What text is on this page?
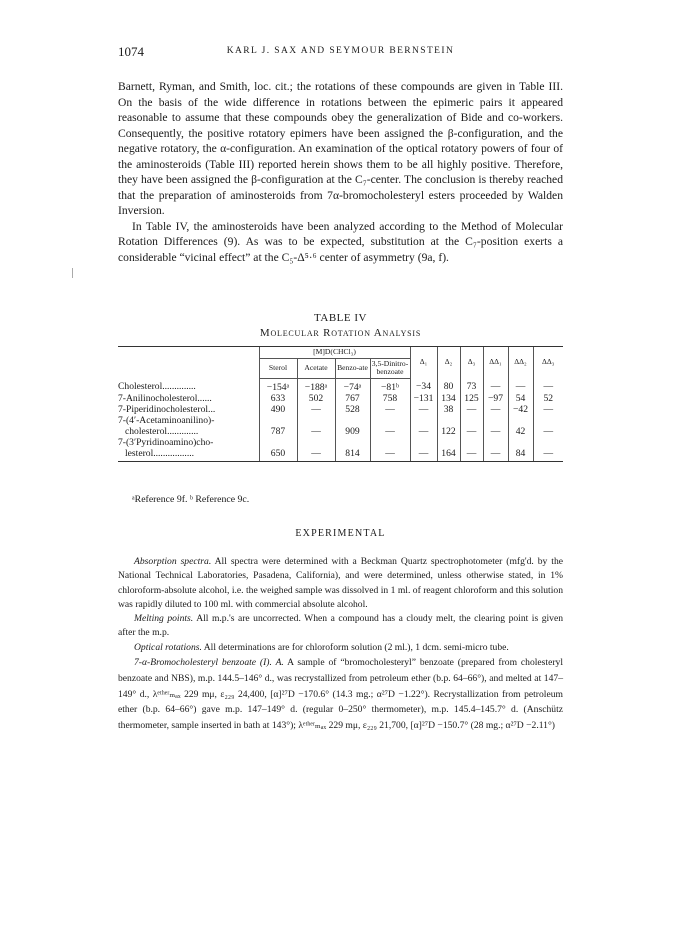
1074	KARL J. SAX AND SEYMOUR BERNSTEIN

Barnett, Ryman, and Smith, loc. cit.; the rotations of these compounds are given in Table III. On the basis of the wide difference in rotations between the epimeric pairs it appeared reasonable to assume that these compounds obey the generalization of Bide and co-workers. Consequently, the positive rotatory epimers have been assigned the β-configuration, and the negative rotatory, the α-configuration. An examination of the optical rotatory powers of four of the aminosteroids (Table III) reported herein shows them to be all highly positive. Therefore, they have been assigned the β-configuration at the C₇-center. The conclusion is thereby reached that the preparation of aminosteroids from 7α-bromocholesteryl esters proceeded by Walden Inversion.

In Table IV, the aminosteroids have been analyzed according to the Method of Molecular Rotation Differences (9). As was to be expected, substitution at the C₇-position exerts a considerable “vicinal effect” at the C₅-Δ⁵·⁶ center of asymmetry (9a, f).

TABLE IV
Molecular Rotation Analysis
	[M]D(CHCl₃)				Δ₁	Δ₂	Δ₃	ΔΔ₁	ΔΔ₂	ΔΔ₃
	Sterol	Acetate	Benzo-ate	3,5-Dinitro-benzoate						
Cholesterol..............	−154ᵃ	−188ᵃ	−74ᵃ	−81ᵇ	−34	80	73	—	—	—
7-Anilinocholesterol......	633	502	767	758	−131	134	125	−97	54	52
7-Piperidinocholesterol...	490	—	528	—	—	38	—	—	−42	—
7-(4′-Acetaminoanilino)-										
cholesterol.............	787	—	909	—	—	122	—	—	42	—
7-(3′Pyridinoamino)cho-										
lesterol.................	650	—	814	—	—	164	—	—	84	—
ᵃReference 9f. ᵇ Reference 9c.
EXPERIMENTAL

Absorption spectra. All spectra were determined with a Beckman Quartz spectrophotometer (mfg'd. by the National Technical Laboratories, Pasadena, California), and were determined, unless otherwise stated, in 1% chloroform-absolute alcohol, i.e. the weighed sample was dissolved in 1 ml. of reagent chloroform and this solution was rapidly diluted to 100 ml. with commercial absolute alcohol.

Melting points. All m.p.'s are uncorrected. When a compound has a cloudy melt, the clearing point is given after the m.p.

Optical rotations. All determinations are for chloroform solution (2 ml.), 1 dcm. semi-micro tube.

7-α-Bromocholesteryl benzoate (I). A. A sample of “bromocholesteryl” benzoate (prepared from cholesteryl benzoate and NBS), m.p. 144.5–146° d., was recrystallized from petroleum ether (b.p. 64–66°), and melted at 147–149° d., λᵉᵗʰᵉʳₘₐₓ 229 mμ, ε₂₂₉ 24,400, [α]²⁷D −170.6° (14.3 mg.; α²⁷D −1.22°). Recrystallization from petroleum ether (b.p. 64–66°) gave m.p. 147–149° d. (regular 0–250° thermometer), m.p. 145.4–145.7° d. (Anschütz thermometer, sample inserted in bath at 143°); λᵉᵗʰᵉʳₘₐₓ 229 mμ, ε₂₂₉ 21,700, [α]²⁷D −150.7° (28 mg.; α²⁷D −2.11°)
